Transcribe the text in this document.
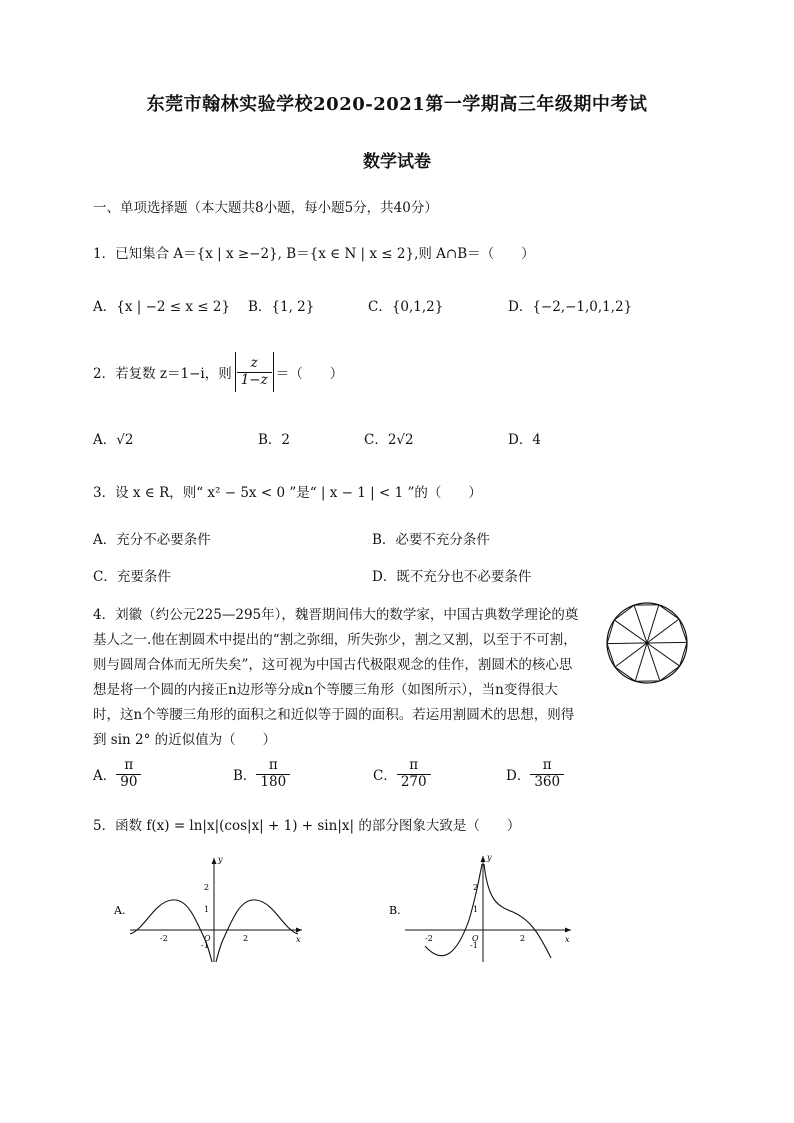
东莞市翰林实验学校2020-2021第一学期高三年级期中考试
数学试卷
一、单项选择题（本大题共8小题，每小题5分，共40分）
1．已知集合 A＝{x | x ≥−2}, B＝{x ∈ N | x ≤ 2},则 A∩B＝（　　）
A．{x | −2 ≤ x ≤ 2} B．{1, 2}	C．{0,1,2}	D．{−2,−1,0,1,2}
2．若复数 z＝1−i，则 $\frac{z}{1-z}$ ＝（　　）
A．√2	B．2	C．2√2	D．4
3．设 x ∈ R，则“ x² − 5x < 0 ”是“ | x − 1 | < 1 ”的（　　）
A．充分不必要条件	B．必要不充分条件
C．充要条件	D．既不充分也不必要条件
4．刘徽（约公元225—295年），魏晋期间伟大的数学家，中国古典数学理论的奠
基人之一.他在割圆术中提出的“割之弥细，所失弥少，割之又割，以至于不可割，
则与圆周合体而无所失矣”，这可视为中国古代极限观念的佳作，割圆术的核心思
想是将一个圆的内接正n边形等分成n个等腰三角形（如图所示），当n变得很大
时，这n个等腰三角形的面积之和近似等于圆的面积。若运用割圆术的思想，则得
到 sin 2° 的近似值为（　　）
A． $\frac{\pi}{90}$	B． $\frac{\pi}{180}$	C． $\frac{\pi}{270}$	D． $\frac{\pi}{360}$
5．函数 f(x) = ln|x|(cos|x| + 1) + sin|x| 的部分图象大致是（　　）
A.
y
x
2
1
-1
-2	2
O
B.
y
x
2
1
-1
-2	2
O
